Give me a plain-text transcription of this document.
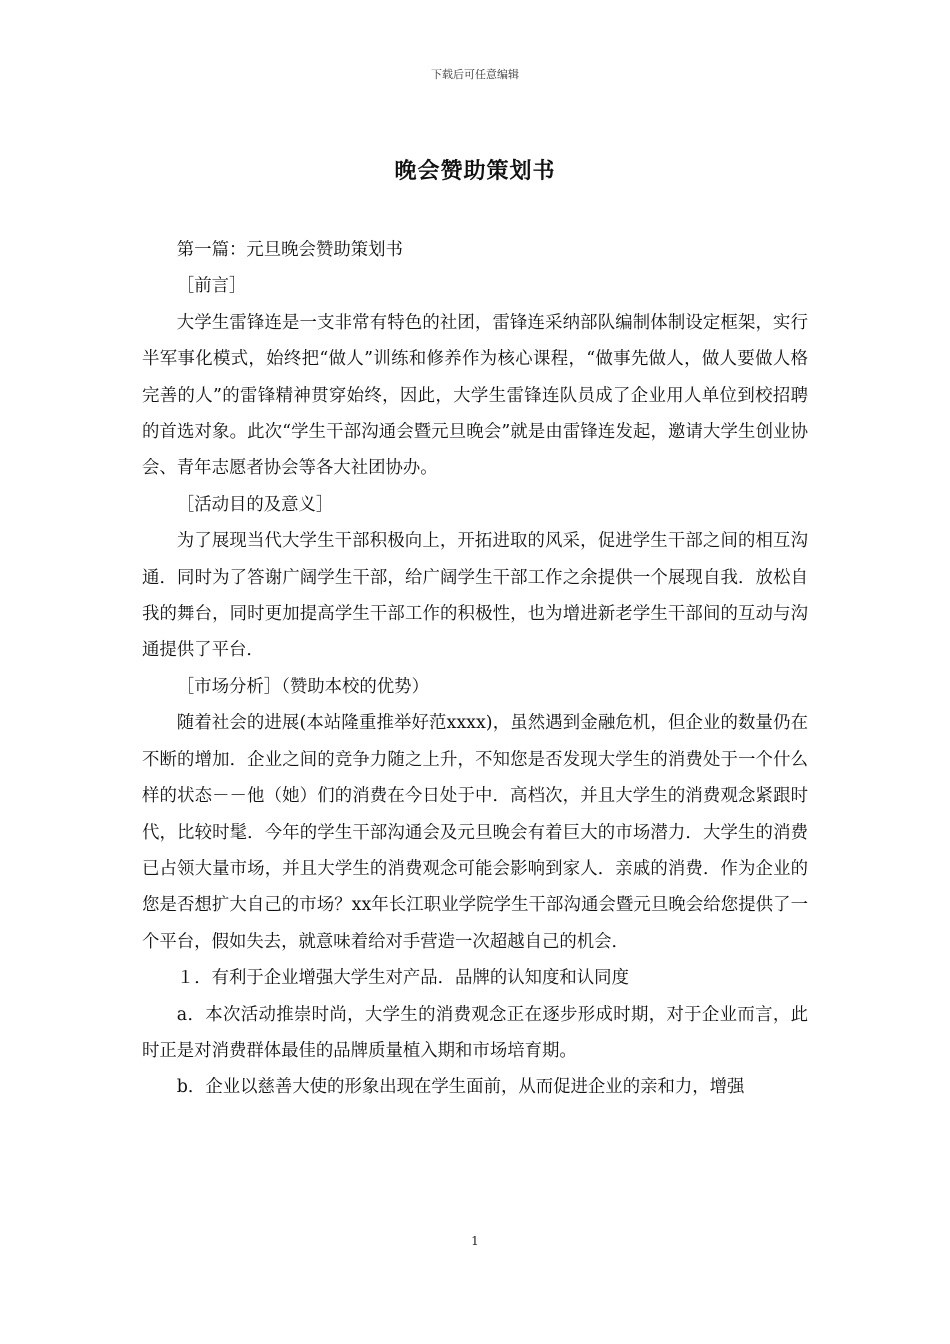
下载后可任意编辑
晚会赞助策划书

第一篇：元旦晚会赞助策划书

［前言］

大学生雷锋连是一支非常有特色的社团，雷锋连采纳部队编制体制设定框架，实行半军事化模式，始终把“做人”训练和修养作为核心课程，“做事先做人，做人要做人格完善的人”的雷锋精神贯穿始终，因此，大学生雷锋连队员成了企业用人单位到校招聘的首选对象。此次“学生干部沟通会暨元旦晚会”就是由雷锋连发起，邀请大学生创业协会、青年志愿者协会等各大社团协办。

［活动目的及意义］

为了展现当代大学生干部积极向上，开拓进取的风采，促进学生干部之间的相互沟通．同时为了答谢广阔学生干部，给广阔学生干部工作之余提供一个展现自我．放松自我的舞台，同时更加提高学生干部工作的积极性，也为增进新老学生干部间的互动与沟通提供了平台．

［市场分析］（赞助本校的优势）

随着社会的进展(本站隆重推举好范xxxx)，虽然遇到金融危机，但企业的数量仍在不断的增加．企业之间的竞争力随之上升，不知您是否发现大学生的消费处于一个什么样的状态－－他（她）们的消费在今日处于中．高档次，并且大学生的消费观念紧跟时代，比较时髦．今年的学生干部沟通会及元旦晚会有着巨大的市场潜力．大学生的消费已占领大量市场，并且大学生的消费观念可能会影响到家人．亲戚的消费．作为企业的您是否想扩大自己的市场？xx年长江职业学院学生干部沟通会暨元旦晚会给您提供了一个平台，假如失去，就意味着给对手营造一次超越自己的机会．

１．有利于企业增强大学生对产品．品牌的认知度和认同度

a．本次活动推崇时尚，大学生的消费观念正在逐步形成时期，对于企业而言，此时正是对消费群体最佳的品牌质量植入期和市场培育期。

b．企业以慈善大使的形象出现在学生面前，从而促进企业的亲和力，增强

1
